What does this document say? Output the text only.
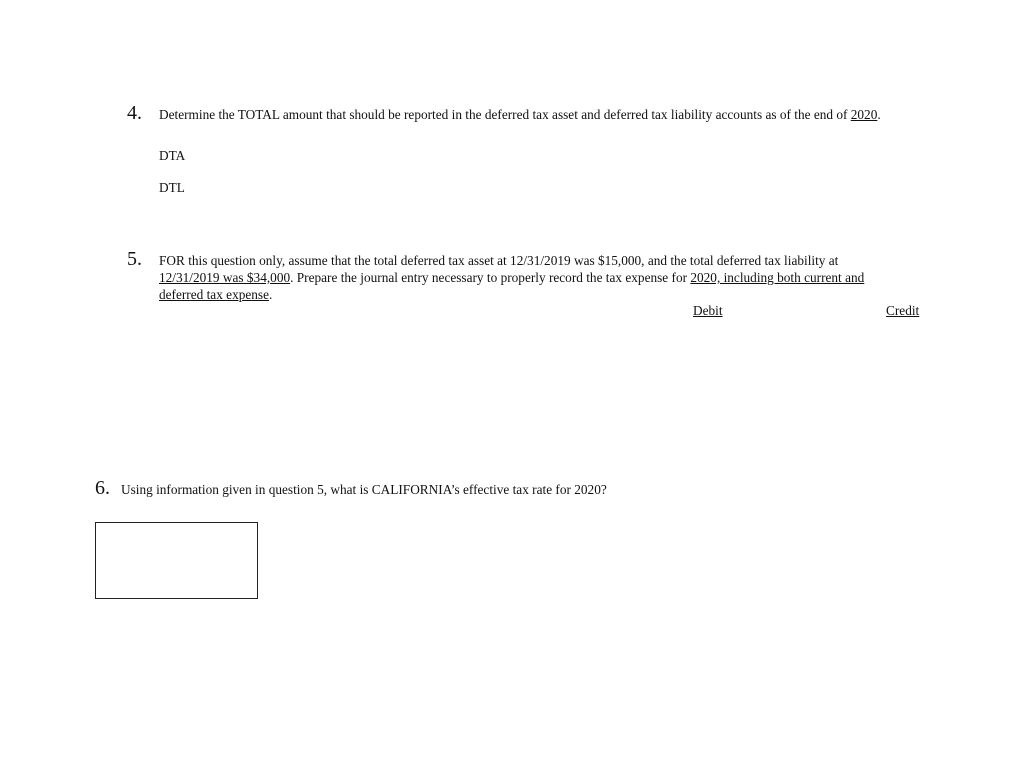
4. Determine the TOTAL amount that should be reported in the deferred tax asset and deferred tax liability accounts as of the end of 2020.
DTA
DTL
5. FOR this question only, assume that the total deferred tax asset at 12/31/2019 was $15,000, and the total deferred tax liability at
12/31/2019 was $34,000. Prepare the journal entry necessary to properly record the tax expense for 2020, including both current and
deferred tax expense.
Debit	Credit
6. Using information given in question 5, what is CALIFORNIA’s effective tax rate for 2020?
